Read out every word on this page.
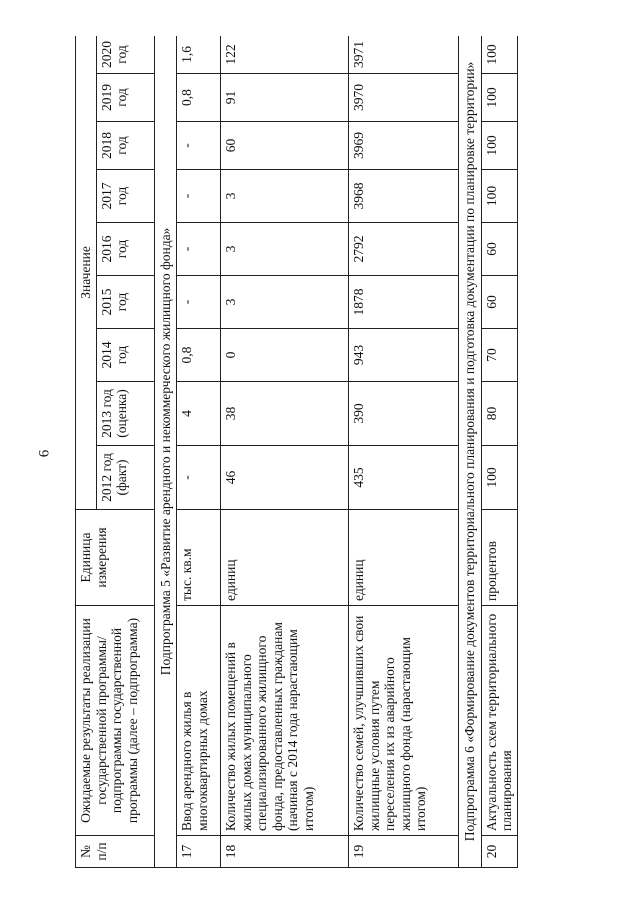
6
№ п/п	Ожидаемые результаты реализации государственной программы/подпрограммы государственной программы (далее – подпрограмма)	Единица измерения	Значение								
			2012 год (факт)	2013 год (оценка)	2014 год	2015 год	2016 год	2017 год	2018 год	2019 год	2020 год
Подпрограмма 5 «Развитие арендного и некоммерческого жилищного фонда»											
17	Ввод арендного жилья в многоквартирных домах	тыс. кв.м	-	4	0,8	-	-	-	-	0,8	1,6
18	Количество жилых помещений в жилых домах муниципального специализированного жилищного фонда, предоставленных гражданам (начиная с 2014 года нарастающим итогом)	единиц	46	38	0	3	3	3	60	91	122
19	Количество семей, улучшивших свои жилищные условия путем переселения их из аварийного жилищного фонда (нарастающим итогом)	единиц	435	390	943	1878	2792	3968	3969	3970	3971
Подпрограмма 6 «Формирование документов территориального планирования и подготовка документации по планировке территории»											
20	Актуальность схем территориального планирования	процентов	100	80	70	60	60	100	100	100	100
